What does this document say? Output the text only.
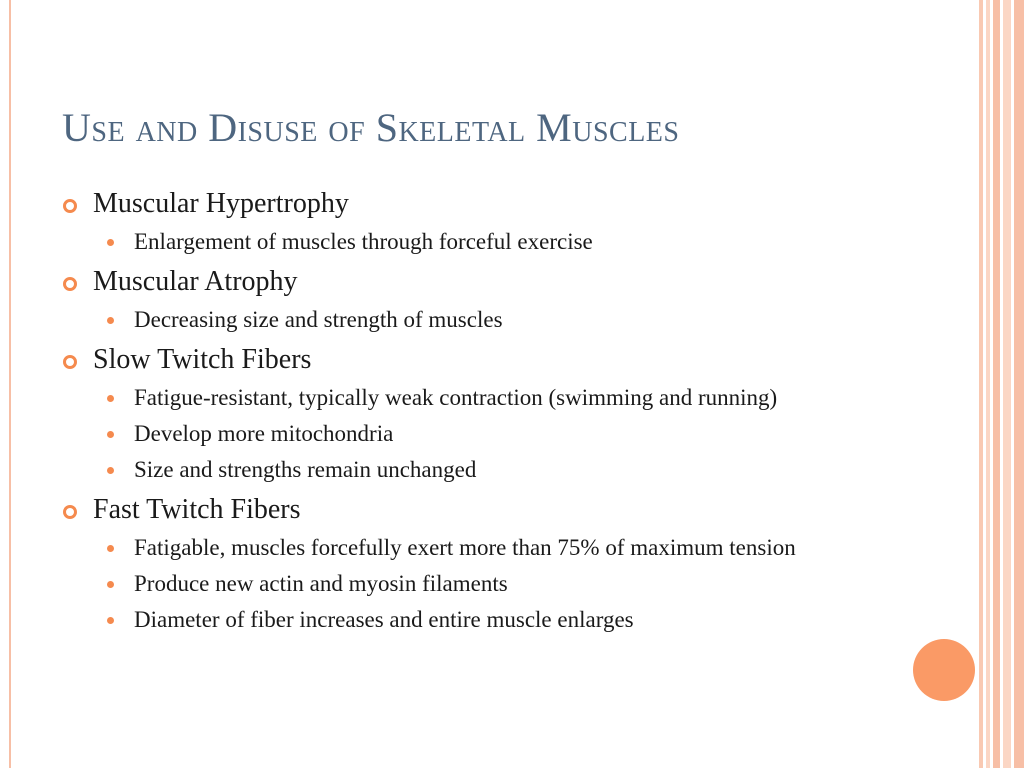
Use and Disuse of Skeletal Muscles
Muscular Hypertrophy
Enlargement of muscles through forceful exercise
Muscular Atrophy
Decreasing size and strength of muscles
Slow Twitch Fibers
Fatigue-resistant, typically weak contraction (swimming and running)
Develop more mitochondria
Size and strengths remain unchanged
Fast Twitch Fibers
Fatigable, muscles forcefully exert more than 75% of maximum tension
Produce new actin and myosin filaments
Diameter of fiber increases and entire muscle enlarges
